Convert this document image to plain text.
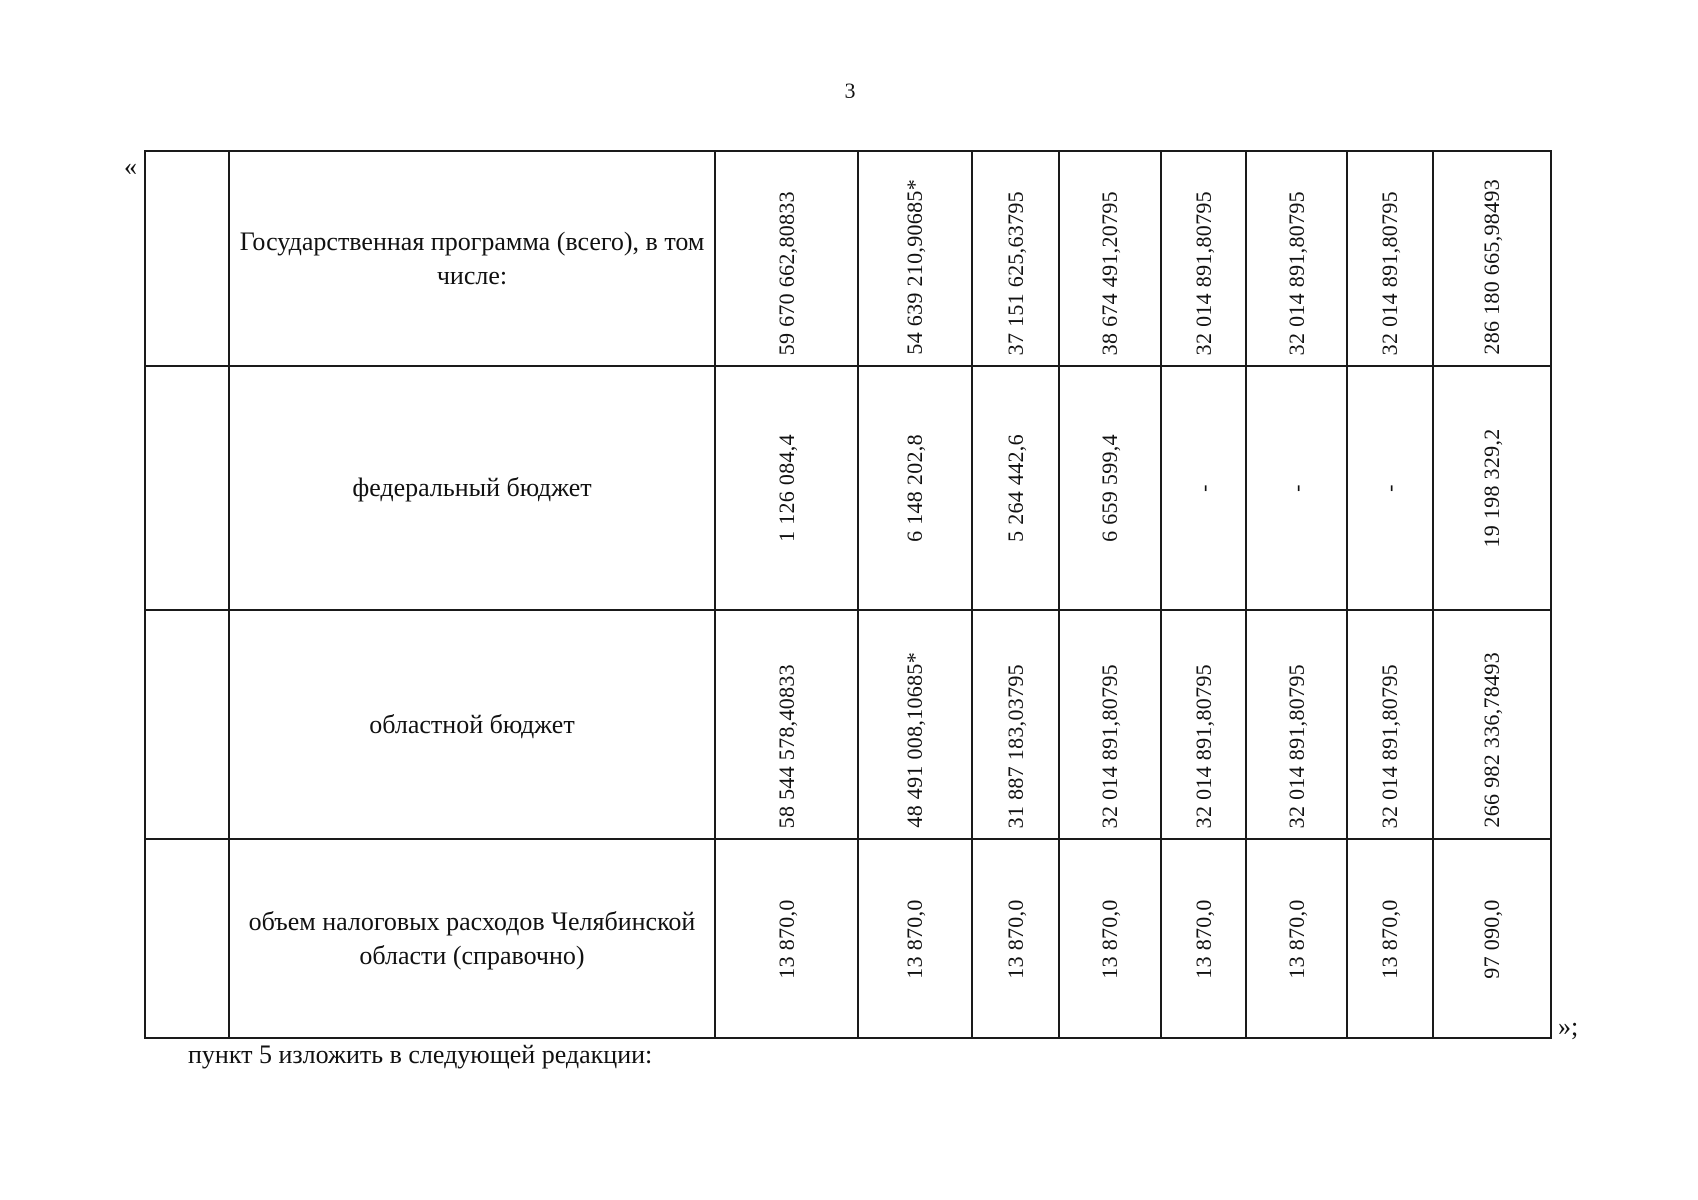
3
«
	Государственная программа (всего), в том числе:	59 670 662,80833	54 639 210,90685*	37 151 625,63795	38 674 491,20795	32 014 891,80795	32 014 891,80795	32 014 891,80795	286 180 665,98493

	федеральный бюджет	1 126 084,4	6 148 202,8	5 264 442,6	6 659 599,4	-	-	-	19 198 329,2

	областной бюджет	58 544 578,40833	48 491 008,10685*	31 887 183,03795	32 014 891,80795	32 014 891,80795	32 014 891,80795	32 014 891,80795	266 982 336,78493

	объем налоговых расходов Челябинской области (справочно)	13 870,0	13 870,0	13 870,0	13 870,0	13 870,0	13 870,0	13 870,0	97 090,0
»;
пункт 5 изложить в следующей редакции:
